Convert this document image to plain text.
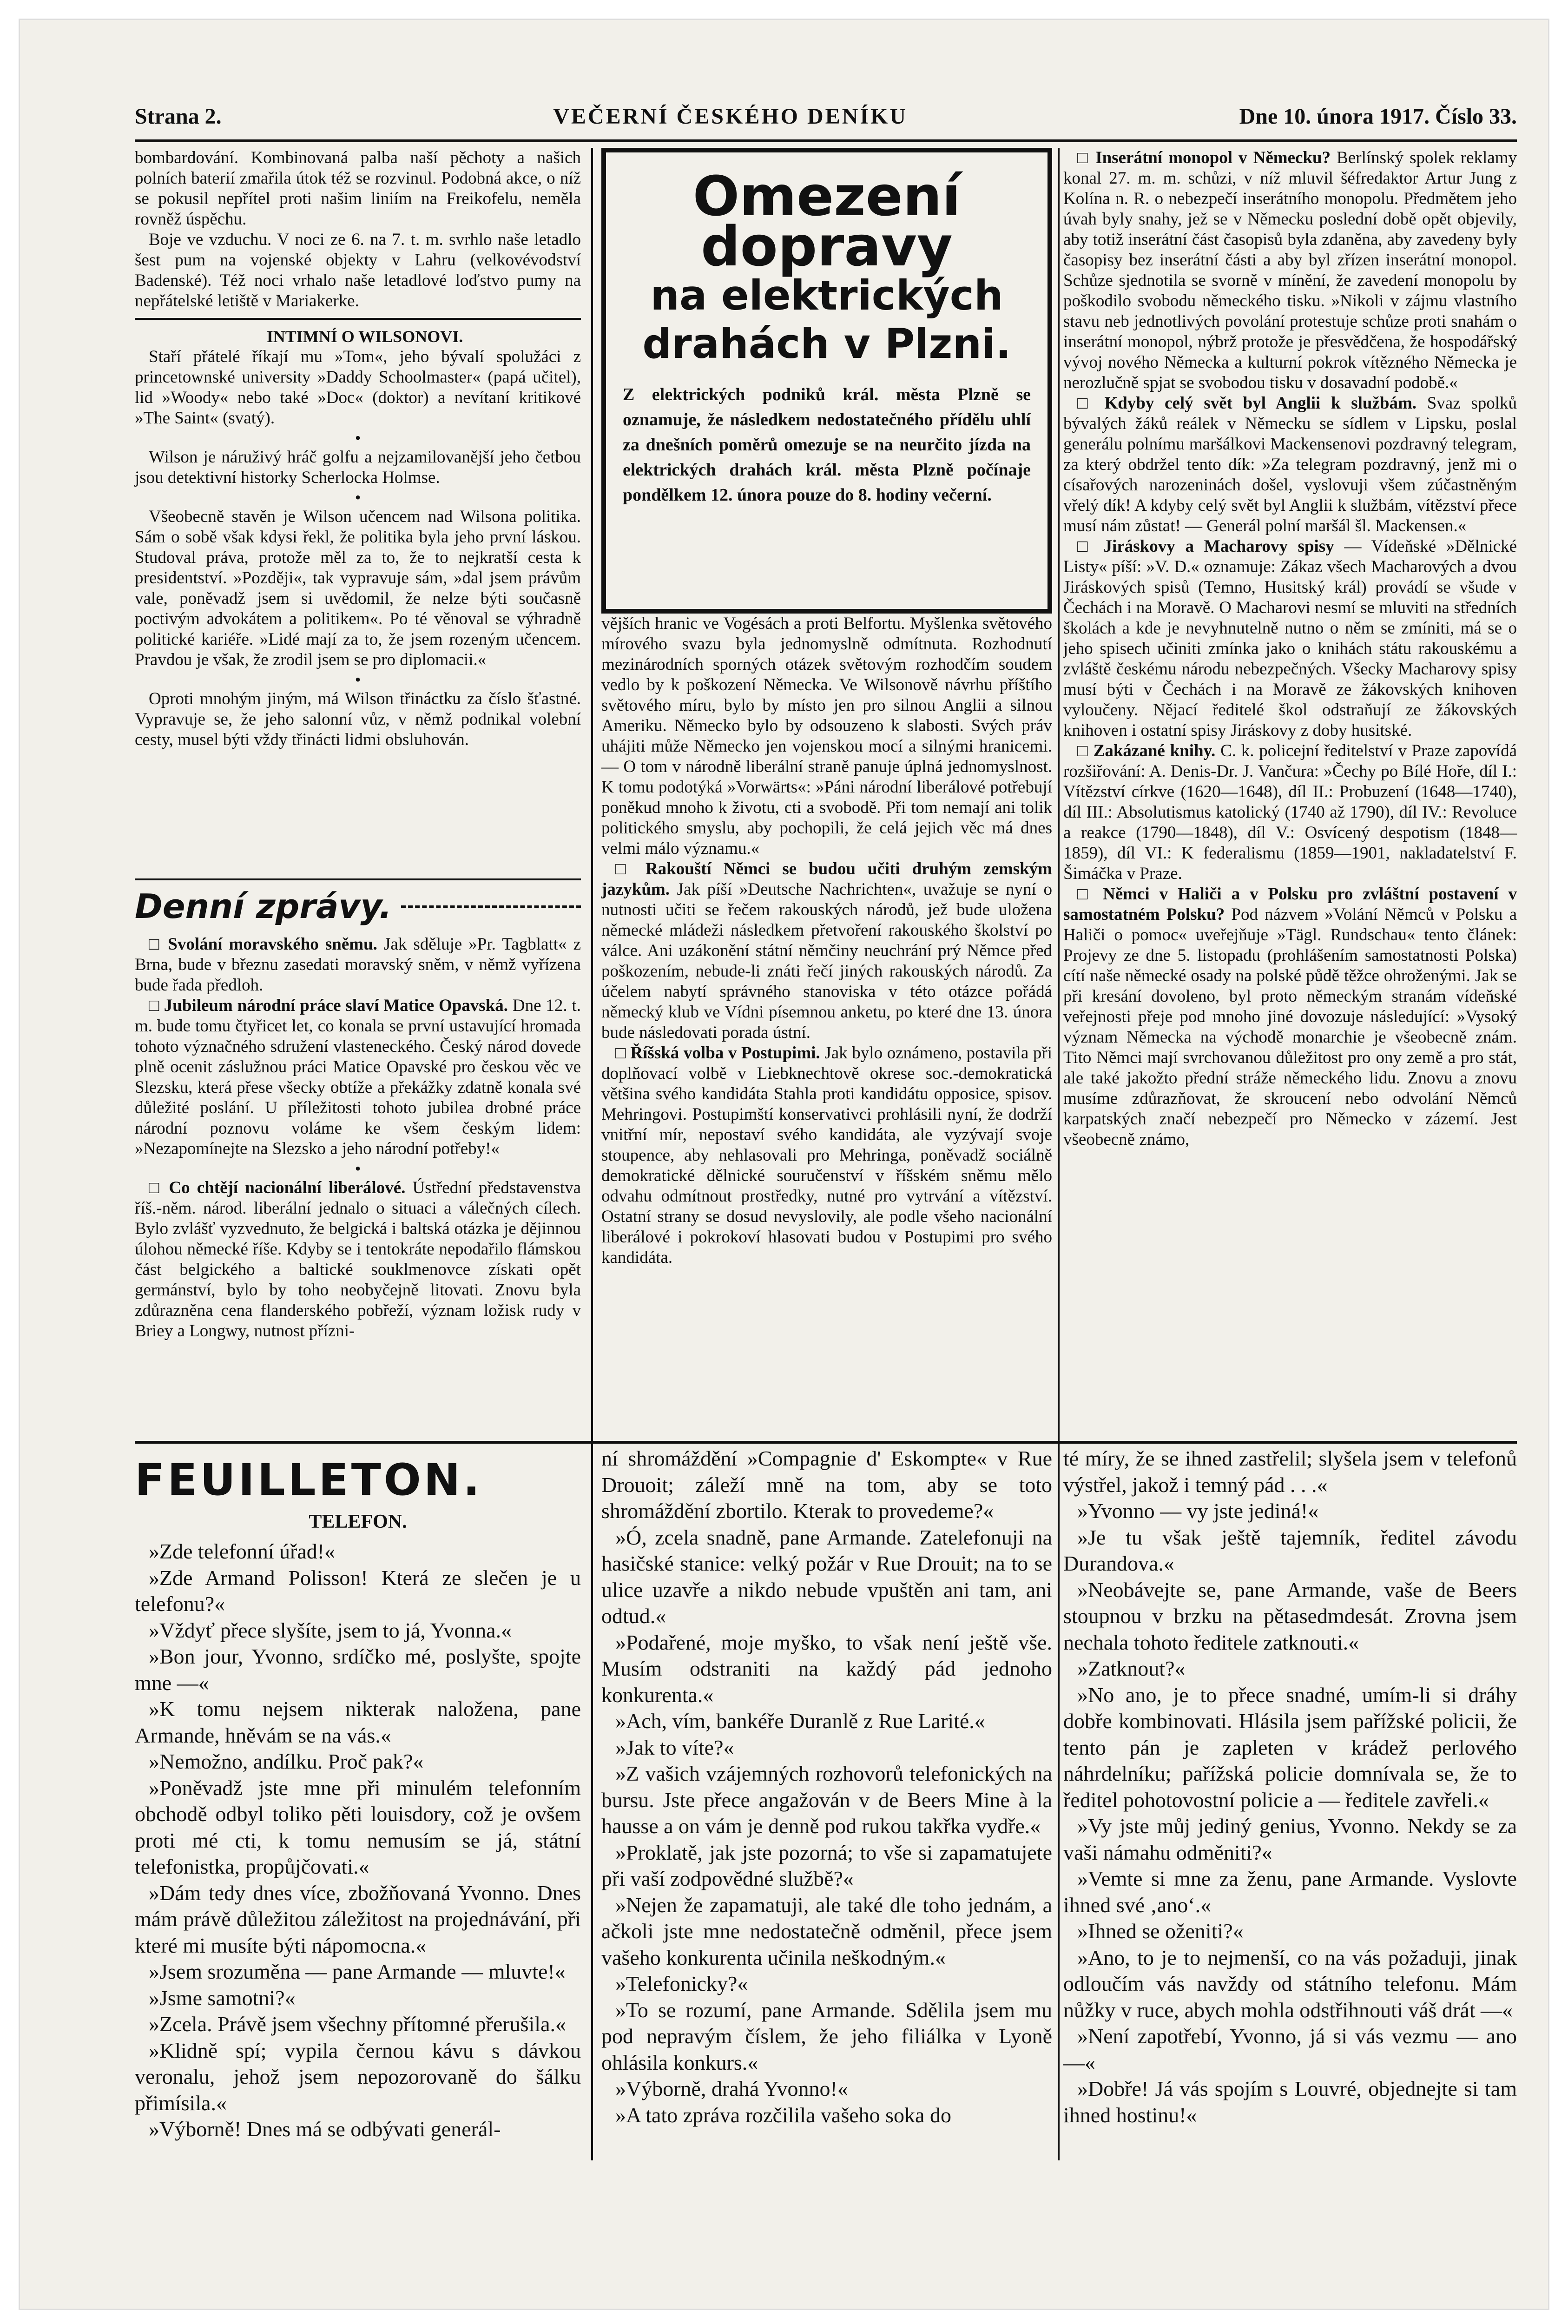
Strana 2.	VEČERNÍ ČESKÉHO DENÍKU	Dne 10. února 1917. Číslo 33.

bombardování. Kombinovaná palba naší pěchoty a našich polních baterií zmařila útok též se rozvinul. Podobná akce, o níž se pokusil nepřítel proti našim liniím na Freikofelu, neměla rovněž úspěchu.

Boje ve vzduchu. V noci ze 6. na 7. t. m. svrhlo naše letadlo šest pum na vojenské objekty v Lahru (velkovévodství Badenské). Též noci vrhalo naše letadlové loďstvo pumy na nepřátelské letiště v Mariakerke.

INTIMNÍ O WILSONOVI.

Staří přátelé říkají mu »Tom«, jeho bývalí spolužáci z princetownské university »Daddy Schoolmaster« (papá učitel), lid »Woody« nebo také »Doc« (doktor) a nevítaní kritikové »The Saint« (svatý).

•

Wilson je náruživý hráč golfu a nejzamilovanější jeho četbou jsou detektivní historky Scherlocka Holmse.

•

Všeobecně stavěn je Wilson učencem nad Wilsona politika. Sám o sobě však kdysi řekl, že politika byla jeho první láskou. Studoval práva, protože měl za to, že to nejkratší cesta k presidentství. »Později«, tak vypravuje sám, »dal jsem právům vale, poněvadž jsem si uvědomil, že nelze býti současně poctivým advokátem a politikem«. Po té věnoval se výhradně politické kariéře. »Lidé mají za to, že jsem rozeným učencem. Pravdou je však, že zrodil jsem se pro diplomacii.«

•

Oproti mnohým jiným, má Wilson třináctku za číslo šťastné. Vypravuje se, že jeho salonní vůz, v němž podnikal volební cesty, musel býti vždy třinácti lidmi obsluhován.

Denní zprávy.

□ Svolání moravského sněmu. Jak sděluje »Pr. Tagblatt« z Brna, bude v březnu zasedati moravský sněm, v němž vyřízena bude řada předloh.

□ Jubileum národní práce slaví Matice Opavská. Dne 12. t. m. bude tomu čtyřicet let, co konala se první ustavující hromada tohoto význačného sdružení vlasteneckého. Český národ dovede plně ocenit záslužnou práci Matice Opavské pro českou věc ve Slezsku, která přese všecky obtíže a překážky zdatně konala své důležité poslání. U příležitosti tohoto jubilea drobné práce národní poznovu voláme ke všem českým lidem: »Nezapomínejte na Slezsko a jeho národní potřeby!«

•

□ Co chtějí nacionální liberálové. Ústřední představenstva říš.-něm. národ. liberální jednalo o situaci a válečných cílech. Bylo zvlášť vyzvednuto, že belgická i baltská otázka je dějinnou úlohou německé říše. Kdyby se i tentokráte nepodařilo flámskou část belgického a baltické souklmenovce získati opět germánství, bylo by toho neobyčejně litovati. Znovu byla zdůrazněna cena flanderského pobřeží, význam ložisk rudy v Briey a Longwy, nutnost přízni-

Omezení
dopravy
na elektrických
drahách v Plzni.
Z elektrických podniků král. města Plzně se oznamuje, že následkem nedostatečného přídělu uhlí za dnešních poměrů omezuje se na neurčito jízda na elektrických drahách král. města Plzně počínaje pondělkem 12. února pouze do 8. hodiny večerní.

vějších hranic ve Vogésách a proti Belfortu. Myšlenka světového mírového svazu byla jednomyslně odmítnuta. Rozhodnutí mezinárodních sporných otázek světovým rozhodčím soudem vedlo by k poškození Německa. Ve Wilsonově návrhu příštího světového míru, bylo by místo jen pro silnou Anglii a silnou Ameriku. Německo bylo by odsouzeno k slabosti. Svých práv uhájiti může Německo jen vojenskou mocí a silnými hranicemi. — O tom v národně liberální straně panuje úplná jednomyslnost. K tomu podotýká »Vorwärts«: »Páni národní liberálové potřebují poněkud mnoho k životu, cti a svobodě. Při tom nemají ani tolik politického smyslu, aby pochopili, že celá jejich věc má dnes velmi málo významu.«

□ Rakouští Němci se budou učiti druhým zemským jazykům. Jak píší »Deutsche Nachrichten«, uvažuje se nyní o nutnosti učiti se řečem rakouských národů, jež bude uložena německé mládeži následkem přetvoření rakouského školství po válce. Ani uzákonění státní němčiny neuchrání prý Němce před poškozením, nebude-li znáti řečí jiných rakouských národů. Za účelem nabytí správného stanoviska v této otázce pořádá německý klub ve Vídni písemnou anketu, po které dne 13. února bude následovati porada ústní.

□ Říšská volba v Postupimi. Jak bylo oznámeno, postavila při doplňovací volbě v Liebknechtově okrese soc.-demokratická většina svého kandidáta Stahla proti kandidátu opposice, spisov. Mehringovi. Postupimští konservativci prohlásili nyní, že dodrží vnitřní mír, nepostaví svého kandidáta, ale vyzývají svoje stoupence, aby nehlasovali pro Mehringa, poněvadž sociálně demokratické dělnické souručenství v říšském sněmu mělo odvahu odmítnout prostředky, nutné pro vytrvání a vítězství. Ostatní strany se dosud nevyslovily, ale podle všeho nacionální liberálové i pokrokoví hlasovati budou v Postupimi pro svého kandidáta.

□ Inserátní monopol v Německu? Berlínský spolek reklamy konal 27. m. m. schůzi, v níž mluvil šéfredaktor Artur Jung z Kolína n. R. o nebezpečí inserátního monopolu. Předmětem jeho úvah byly snahy, jež se v Německu poslední době opět objevily, aby totiž inserátní část časopisů byla zdaněna, aby zavedeny byly časopisy bez inserátní části a aby byl zřízen inserátní monopol. Schůze sjednotila se svorně v mínění, že zavedení monopolu by poškodilo svobodu německého tisku. »Nikoli v zájmu vlastního stavu neb jednotlivých povolání protestuje schůze proti snahám o inserátní monopol, nýbrž protože je přesvědčena, že hospodářský vývoj nového Německa a kulturní pokrok vítězného Německa je nerozlučně spjat se svobodou tisku v dosavadní podobě.«

□ Kdyby celý svět byl Anglii k službám. Svaz spolků bývalých žáků reálek v Německu se sídlem v Lipsku, poslal generálu polnímu maršálkovi Mackensenovi pozdravný telegram, za který obdržel tento dík: »Za telegram pozdravný, jenž mi o císařových narozeninách došel, vyslovuji všem zúčastněným vřelý dík! A kdyby celý svět byl Anglii k službám, vítězství přece musí nám zůstat! — Generál polní maršál šl. Mackensen.«

□ Jiráskovy a Macharovy spisy — Vídeňské »Dělnické Listy« píší: »V. D.« oznamuje: Zákaz všech Macharových a dvou Jiráskových spisů (Temno, Husitský král) provádí se všude v Čechách i na Moravě. O Macharovi nesmí se mluviti na středních školách a kde je nevyhnutelně nutno o něm se zmíniti, má se o jeho spisech učiniti zmínka jako o knihách státu rakouskému a zvláště českému národu nebezpečných. Všecky Macharovy spisy musí býti v Čechách i na Moravě ze žákovských knihoven vyloučeny. Nějací ředitelé škol odstraňují ze žákovských knihoven i ostatní spisy Jiráskovy z doby husitské.

□ Zakázané knihy. C. k. policejní ředitelství v Praze zapovídá rozšiřování: A. Denis-Dr. J. Vančura: »Čechy po Bílé Hoře, díl I.: Vítězství církve (1620—1648), díl II.: Probuzení (1648—1740), díl III.: Absolutismus katolický (1740 až 1790), díl IV.: Revoluce a reakce (1790—1848), díl V.: Osvícený despotism (1848—1859), díl VI.: K federalismu (1859—1901, nakladatelství F. Šimáčka v Praze.

□ Němci v Haliči a v Polsku pro zvláštní postavení v samostatném Polsku? Pod názvem »Volání Němců v Polsku a Haliči o pomoc« uveřejňuje »Tägl. Rundschau« tento článek: Projevy ze dne 5. listopadu (prohlášením samostatnosti Polska) cítí naše německé osady na polské půdě těžce ohroženými. Jak se při kresání dovoleno, byl proto německým stranám vídeňské veřejnosti přeje pod mnoho jiné dovozuje následující: »Vysoký význam Německa na východě monarchie je všeobecně znám. Tito Němci mají svrchovanou důležitost pro ony země a pro stát, ale také jakožto přední stráže německého lidu. Znovu a znovu musíme zdůrazňovat, že skroucení nebo odvolání Němců karpatských značí nebezpečí pro Německo v zázemí. Jest všeobecně známo,

FEUILLETON.
TELEFON.

»Zde telefonní úřad!«

»Zde Armand Polisson! Která ze slečen je u telefonu?«

»Vždyť přece slyšíte, jsem to já, Yvonna.«

»Bon jour, Yvonno, srdíčko mé, poslyšte, spojte mne —«

»K tomu nejsem nikterak naložena, pane Armande, hněvám se na vás.«

»Nemožno, andílku. Proč pak?«

»Poněvadž jste mne při minulém telefonním obchodě odbyl toliko pěti louisdory, což je ovšem proti mé cti, k tomu nemusím se já, státní telefonistka, propůjčovati.«

»Dám tedy dnes více, zbožňovaná Yvonno. Dnes mám právě důležitou záležitost na projednávání, při které mi musíte býti nápomocna.«

»Jsem srozuměna — pane Armande — mluvte!«

»Jsme samotni?«

»Zcela. Právě jsem všechny přítomné přerušila.«

»Klidně spí; vypila černou kávu s dávkou veronalu, jehož jsem nepozorovaně do šálku přimísila.«

»Výborně! Dnes má se odbývati generál-

ní shromáždění »Compagnie d' Eskompte« v Rue Drouoit; záleží mně na tom, aby se toto shromáždění zbortilo. Kterak to provedeme?«

»Ó, zcela snadně, pane Armande. Zatelefonuji na hasičské stanice: velký požár v Rue Drouit; na to se ulice uzavře a nikdo nebude vpuštěn ani tam, ani odtud.«

»Podařené, moje myško, to však není ještě vše. Musím odstraniti na každý pád jednoho konkurenta.«

»Ach, vím, bankéře Duranlě z Rue Larité.«

»Jak to víte?«

»Z vašich vzájemných rozhovorů telefonických na bursu. Jste přece angažován v de Beers Mine à la hausse a on vám je denně pod rukou takřka vydře.«

»Proklatě, jak jste pozorná; to vše si zapamatujete při vaší zodpovědné službě?«

»Nejen že zapamatuji, ale také dle toho jednám, a ačkoli jste mne nedostatečně odměnil, přece jsem vašeho konkurenta učinila neškodným.«

»Telefonicky?«

»To se rozumí, pane Armande. Sdělila jsem mu pod nepravým číslem, že jeho filiálka v Lyoně ohlásila konkurs.«

»Výborně, drahá Yvonno!«

»A tato zpráva rozčilila vašeho soka do

té míry, že se ihned zastřelil; slyšela jsem v telefonů výstřel, jakož i temný pád . . .«

»Yvonno — vy jste jediná!«

»Je tu však ještě tajemník, ředitel závodu Durandova.«

»Neobávejte se, pane Armande, vaše de Beers stoupnou v brzku na pětasedmdesát. Zrovna jsem nechala tohoto ředitele zatknouti.«

»Zatknout?«

»No ano, je to přece snadné, umím-li si dráhy dobře kombinovati. Hlásila jsem pařížské policii, že tento pán je zapleten v krádež perlového náhrdelníku; pařížská policie domnívala se, že to ředitel pohotovostní policie a — ředitele zavřeli.«

»Vy jste můj jediný genius, Yvonno. Nekdy se za vaši námahu odměniti?«

»Vemte si mne za ženu, pane Armande. Vyslovte ihned své ‚ano‘.«

»Ihned se oženiti?«

»Ano, to je to nejmenší, co na vás požaduji, jinak odloučím vás navždy od státního telefonu. Mám nůžky v ruce, abych mohla odstřihnouti váš drát —«

»Není zapotřebí, Yvonno, já si vás vezmu — ano —«

»Dobře! Já vás spojím s Louvré, objednejte si tam ihned hostinu!«
